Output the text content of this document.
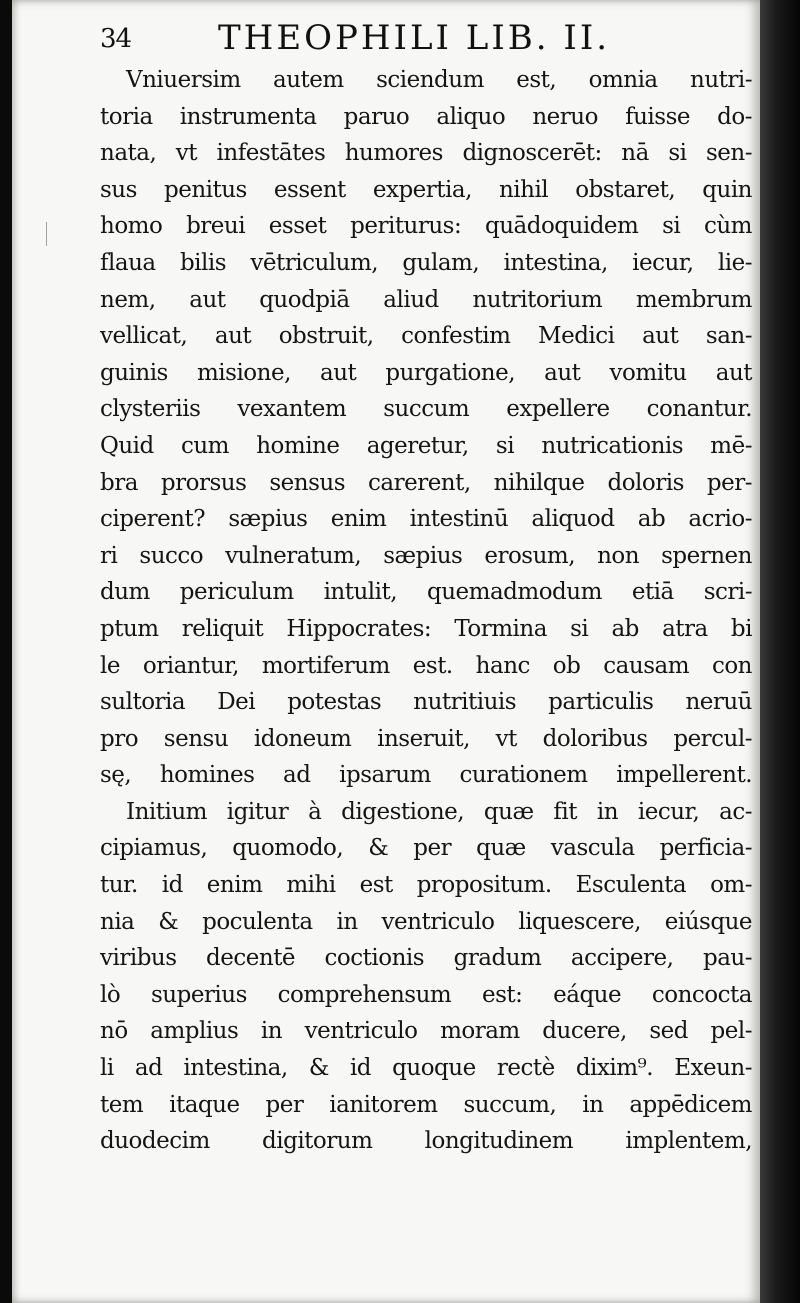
34	THEOPHILI LIB. II.
Vniuersim autem sciendum est, omnia nutri-
toria instrumenta paruo aliquo neruo fuisse do-
nata, vt infestātes humores dignoscerēt: nā si sen-
sus penitus essent expertia, nihil obstaret, quin
homo breui esset periturus: quādoquidem si cùm
flaua bilis vētriculum, gulam, intestina, iecur, lie-
nem, aut quodpiā aliud nutritorium membrum
vellicat, aut obstruit, confestim Medici aut san-
guinis misione, aut purgatione, aut vomitu aut
clysteriis vexantem succum expellere conantur.
Quid cum homine ageretur, si nutricationis mē-
bra prorsus sensus carerent, nihilque doloris per-
ciperent? sæpius enim intestinū aliquod ab acrio-
ri succo vulneratum, sæpius erosum, non spernen
dum periculum intulit, quemadmodum etiā scri-
ptum reliquit Hippocrates: Tormina si ab atra bi
le oriantur, mortiferum est. hanc ob causam con
sultoria Dei potestas nutritiuis particulis neruū
pro sensu idoneum inseruit, vt doloribus percul-
sę, homines ad ipsarum curationem impellerent.
Initium igitur à digestione, quæ fit in iecur, ac-
cipiamus, quomodo, & per quæ vascula perficia-
tur. id enim mihi est propositum. Esculenta om-
nia & poculenta in ventriculo liquescere, eiúsque
viribus decentē coctionis gradum accipere, pau-
lò superius comprehensum est: eáque concocta
nō amplius in ventriculo moram ducere, sed pel-
li ad intestina, & id quoque rectè dixim⁹. Exeun-
tem itaque per ianitorem succum, in appēdicem
duodecim digitorum longitudinem implentem,
